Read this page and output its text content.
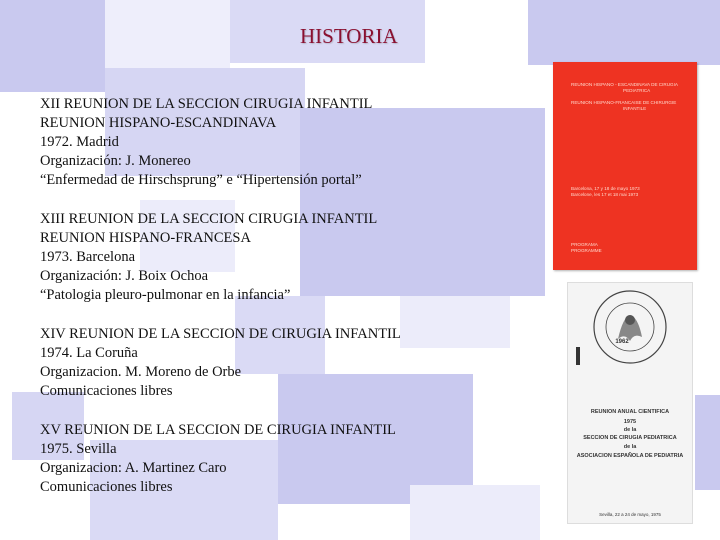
HISTORIA
XII REUNION DE LA SECCION CIRUGIA INFANTIL
REUNION HISPANO-ESCANDINAVA
1972. Madrid
Organización: J. Monereo
“Enfermedad de Hirschsprung” e “Hipertensión portal”
XIII REUNION DE LA SECCION CIRUGIA INFANTIL
REUNION HISPANO-FRANCESA
1973. Barcelona
Organización: J. Boix Ochoa
“Patologia pleuro-pulmonar en la infancia”
XIV REUNION DE LA SECCION DE CIRUGIA INFANTIL
1974. La Coruña
Organizacion. M. Moreno de Orbe
Comunicaciones libres
XV REUNION DE LA SECCION DE CIRUGIA INFANTIL
1975. Sevilla
Organizacion: A. Martinez Caro
Comunicaciones libres
REUNION HISPANO - ESCANDINAVA DE CIRUGIA
PEDIATRICA
REUNION HISPANO-FRANCAISE DE CHIRURGIE
INFANTILE
Barcelona, 17 y 18 de mayo 1973
Barcelone, les 17 et 18 mai 1973
PROGRAMA
PROGRAMME
1962
REUNION ANUAL CIENTIFICA
1975
de la
SECCION DE CIRUGIA PEDIATRICA
de la
ASOCIACION ESPAÑOLA DE PEDIATRIA
Sevilla, 22 a 24 de mayo, 1975
